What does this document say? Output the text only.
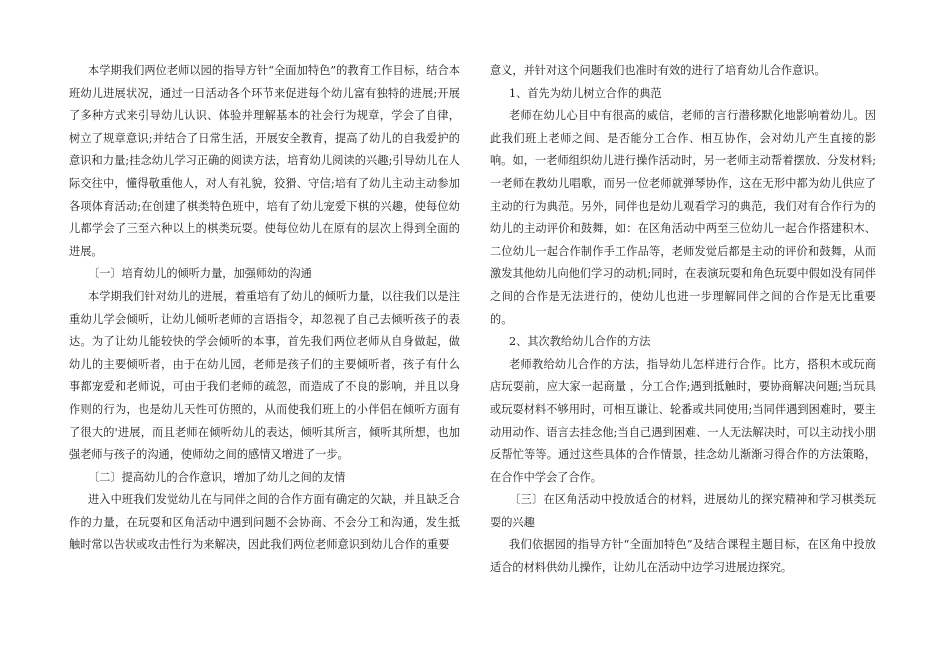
本学期我们两位老师以园的指导方针“全面加特色”的教育工作目标，结合本班幼儿进展状况，通过一日活动各个环节来促进每个幼儿富有独特的进展;开展了多种方式来引导幼儿认识、体验并理解基本的社会行为规章，学会了自律，树立了规章意识;并结合了日常生活，开展安全教育，提高了幼儿的自我爱护的意识和力量;挂念幼儿学习正确的阅读方法，培育幼儿阅读的兴趣;引导幼儿在人际交往中，懂得敬重他人，对人有礼貌，狡猾、守信;培有了幼儿主动主动参加各项体育活动;在创建了棋类特色班中，培有了幼儿宠爱下棋的兴趣，使每位幼儿都学会了三至六种以上的棋类玩耍。使每位幼儿在原有的层次上得到全面的进展。

〔一〕培育幼儿的倾听力量，加强师幼的沟通

本学期我们针对幼儿的进展，着重培有了幼儿的倾听力量，以往我们以是注重幼儿学会倾听，让幼儿倾听老师的言语指令，却忽视了自己去倾听孩子的表达。为了让幼儿能较快的学会倾听的本事，首先我们两位老师从自身做起，做幼儿的主要倾听者，由于在幼儿园，老师是孩子们的主要倾听者，孩子有什么事都宠爱和老师说，可由于我们老师的疏忽，而造成了不良的影响，并且以身作则的行为，也是幼儿天性可仿照的，从而使我们班上的小伴侣在倾听方面有了很大的'进展，而且老师在倾听幼儿的表达，倾听其所言，倾听其所想，也加强老师与孩子的沟通，使师幼之间的感情又增进了一步。

〔二〕提高幼儿的合作意识，增加了幼儿之间的友情

进入中班我们发觉幼儿在与同伴之间的合作方面有确定的欠缺，并且缺乏合作的力量，在玩耍和区角活动中遇到问题不会协商、不会分工和沟通，发生抵触时常以告状或攻击性行为来解决，因此我们两位老师意识到幼儿合作的重要

意义，并针对这个问题我们也准时有效的进行了培育幼儿合作意识。

1、首先为幼儿树立合作的典范

老师在幼儿心目中有很高的威信，老师的言行潜移默化地影响着幼儿。因此我们班上老师之间、是否能分工合作、相互协作，会对幼儿产生直接的影响。如，一老师组织幼儿进行操作活动时，另一老师主动帮着摆放、分发材料;一老师在教幼儿唱歌，而另一位老师就弹琴协作，这在无形中都为幼儿供应了主动的行为典范。另外，同伴也是幼儿观看学习的典范，我们对有合作行为的幼儿的主动评价和鼓舞，如：在区角活动中两至三位幼儿一起合作搭建积木、二位幼儿一起合作制作手工作品等，老师发觉后都是主动的评价和鼓舞，从而激发其他幼儿向他们学习的动机;同时，在表演玩耍和角色玩耍中假如没有同伴之间的合作是无法进行的，使幼儿也进一步理解同伴之间的合作是无比重要的。

2、其次教给幼儿合作的方法

老师教给幼儿合作的方法，指导幼儿怎样进行合作。比方，搭积木或玩商店玩耍前，应大家一起商量 ，分工合作;遇到抵触时，要协商解决问题;当玩具或玩耍材料不够用时，可相互谦让、轮番或共同使用;当同伴遇到困难时，要主动用动作、语言去挂念他;当自己遇到困难、一人无法解决时，可以主动找小朋反帮忙等等。通过这些具体的合作情景，挂念幼儿渐渐习得合作的方法策略，在合作中学会了合作。

〔三〕在区角活动中投放适合的材料，进展幼儿的探究精神和学习棋类玩耍的兴趣

我们依据园的指导方针“全面加特色”及结合课程主题目标，在区角中投放适合的材料供幼儿操作，让幼儿在活动中边学习进展边探究。
